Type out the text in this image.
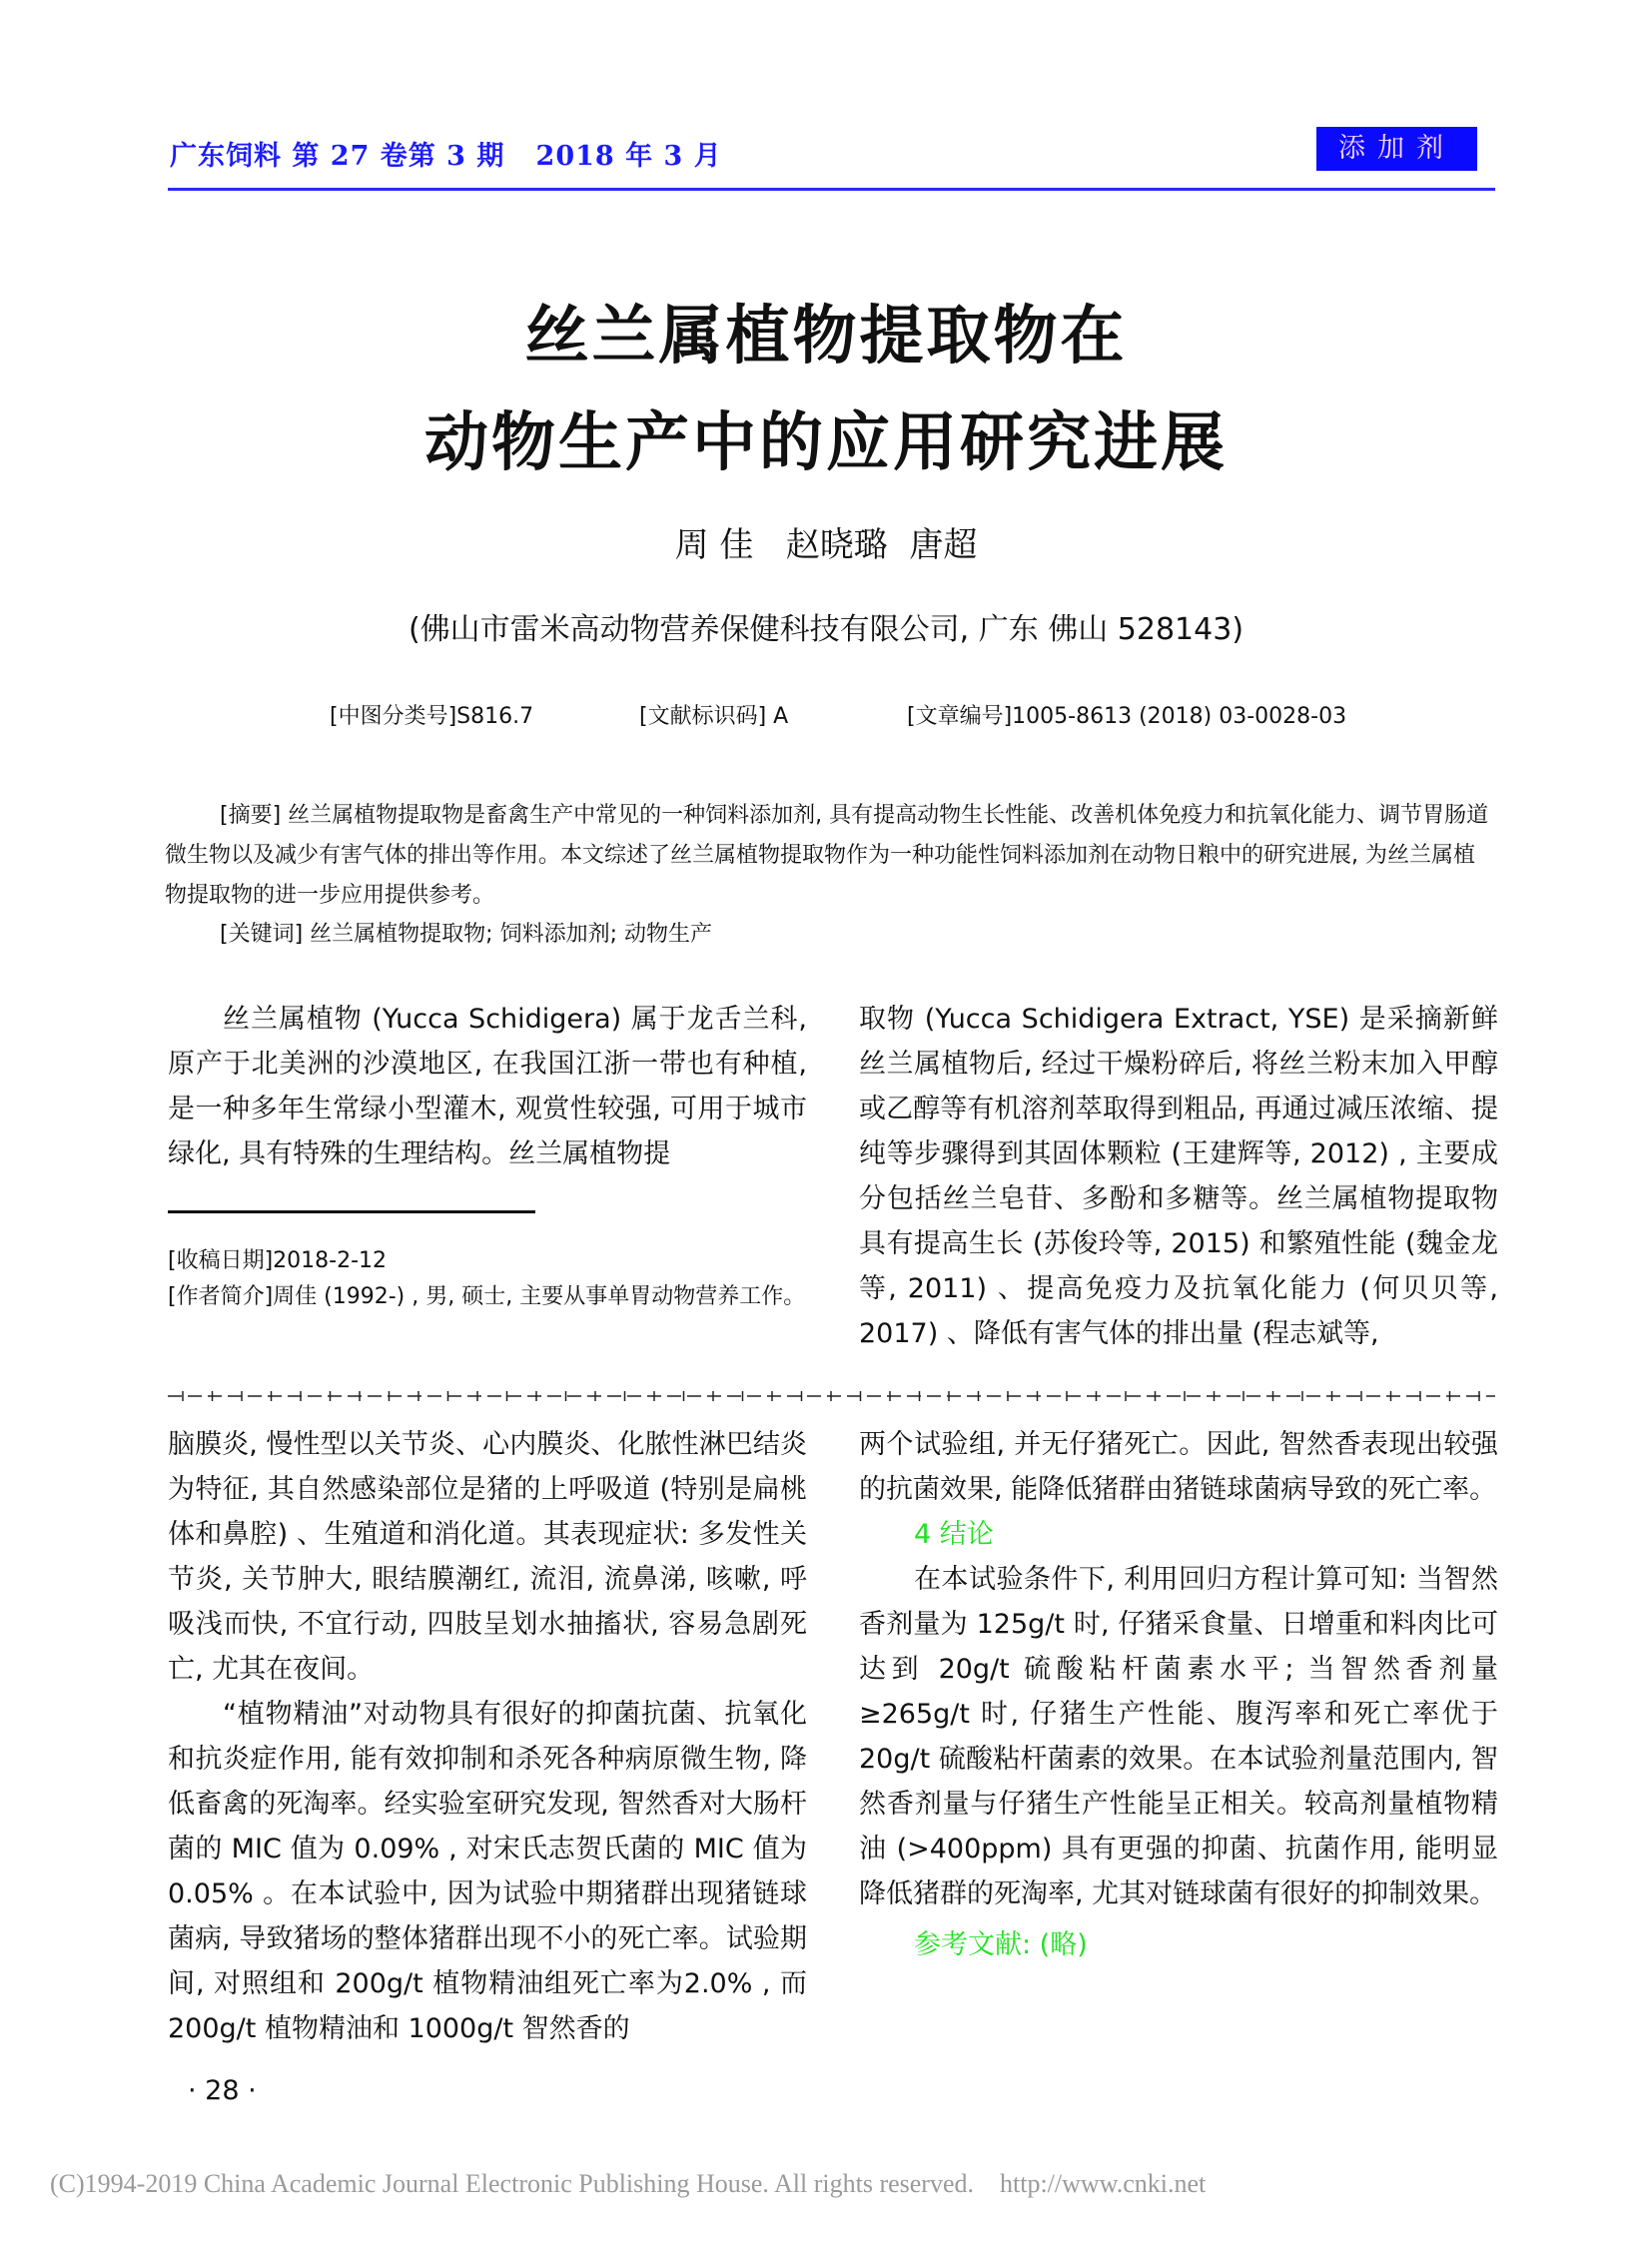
广东饲料 第 27 卷第 3 期   2018 年 3 月	添加剂
丝兰属植物提取物在
动物生产中的应用研究进展
周 佳   赵晓璐  唐超
(佛山市雷米高动物营养保健科技有限公司, 广东 佛山 528143)
[中图分类号]S816.7	[文献标识码] A	[文章编号]1005-8613 (2018) 03-0028-03
[摘要] 丝兰属植物提取物是畜禽生产中常见的一种饲料添加剂, 具有提高动物生长性能、改善机体免疫力和抗氧化能力、调节胃肠道微生物以及减少有害气体的排出等作用。本文综述了丝兰属植物提取物作为一种功能性饲料添加剂在动物日粮中的研究进展, 为丝兰属植物提取物的进一步应用提供参考。
[关键词] 丝兰属植物提取物; 饲料添加剂; 动物生产

丝兰属植物 (Yucca Schidigera) 属于龙舌兰科, 原产于北美洲的沙漠地区, 在我国江浙一带也有种植, 是一种多年生常绿小型灌木, 观赏性较强, 可用于城市绿化, 具有特殊的生理结构。丝兰属植物提

[收稿日期]2018-2-12
[作者简介]周佳 (1992-) , 男, 硕士, 主要从事单胃动物营养工作。

取物 (Yucca Schidigera Extract, YSE) 是采摘新鲜丝兰属植物后, 经过干燥粉碎后, 将丝兰粉末加入甲醇或乙醇等有机溶剂萃取得到粗品, 再通过减压浓缩、提纯等步骤得到其固体颗粒 (王建辉等, 2012) , 主要成分包括丝兰皂苷、多酚和多糖等。丝兰属植物提取物具有提高生长 (苏俊玲等, 2015) 和繁殖性能 (魏金龙等, 2011) 、提高免疫力及抗氧化能力 (何贝贝等, 2017) 、降低有害气体的排出量 (程志斌等,

脑膜炎, 慢性型以关节炎、心内膜炎、化脓性淋巴结炎为特征, 其自然感染部位是猪的上呼吸道 (特别是扁桃体和鼻腔) 、生殖道和消化道。其表现症状: 多发性关节炎, 关节肿大, 眼结膜潮红, 流泪, 流鼻涕, 咳嗽, 呼吸浅而快, 不宜行动, 四肢呈划水抽搐状, 容易急剧死亡, 尤其在夜间。

“植物精油”对动物具有很好的抑菌抗菌、抗氧化和抗炎症作用, 能有效抑制和杀死各种病原微生物, 降低畜禽的死淘率。经实验室研究发现, 智然香对大肠杆菌的 MIC 值为 0.09% , 对宋氏志贺氏菌的 MIC 值为 0.05% 。在本试验中, 因为试验中期猪群出现猪链球菌病, 导致猪场的整体猪群出现不小的死亡率。试验期间, 对照组和 200g/t 植物精油组死亡率为2.0% , 而 200g/t 植物精油和 1000g/t 智然香的

两个试验组, 并无仔猪死亡。因此, 智然香表现出较强的抗菌效果, 能降低猪群由猪链球菌病导致的死亡率。

4 结论

在本试验条件下, 利用回归方程计算可知: 当智然香剂量为 125g/t 时, 仔猪采食量、日增重和料肉比可达到 20g/t 硫酸粘杆菌素水平; 当智然香剂量≥265g/t 时, 仔猪生产性能、腹泻率和死亡率优于 20g/t 硫酸粘杆菌素的效果。在本试验剂量范围内, 智然香剂量与仔猪生产性能呈正相关。较高剂量植物精油 (>400ppm) 具有更强的抑菌、抗菌作用, 能明显降低猪群的死淘率, 尤其对链球菌有很好的抑制效果。

参考文献: (略)

· 28 ·
(C)1994-2019 China Academic Journal Electronic Publishing House. All rights reserved.    http://www.cnki.net
